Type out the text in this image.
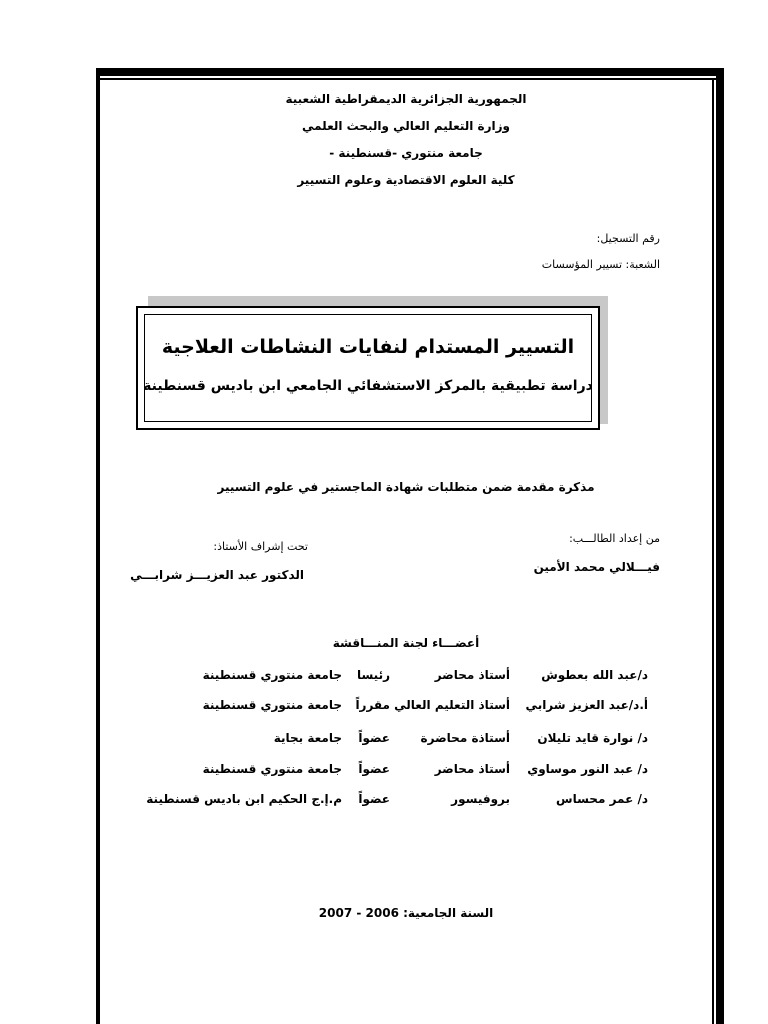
الجمهورية الجزائرية الديمقراطية الشعبية
وزارة التعليم العالي والبحث العلمي
جامعة منتوري -قسنطينة -
كلية العلوم الاقتصادية وعلوم التسيير
رقم التسجيل:
الشعبة: تسيير المؤسسات
التسيير المستدام لنفايات النشاطات العلاجية
دراسة تطبيقية بالمركز الاستشفائي الجامعي ابن باديس قسنطينة
مذكرة مقدمة ضمن متطلبات شهادة الماجستير في علوم التسيير
من إعداد الطالـــب:
فيـــلالي محمد الأمين
تحت إشراف الأستاذ:
الدكتور عبد العزيـــز شرابـــي
أعضـــاء لجنة المنـــاقشة
د/عبد الله بعطوش
أستاذ محاضر
رئيسا
جامعة منتوري قسنطينة
أ.د/عبد العزيز شرابي
أستاذ التعليم العالي
مقرراً
جامعة منتوري قسنطينة
د/ نوارة قايد تليلان
أستاذة محاضرة
عضواً
جامعة بجاية
د/ عبد النور موساوي
أستاذ محاضر
عضواً
جامعة منتوري قسنطينة
د/ عمر محساس
بروفيسور
عضواً
م.إ.ج الحكيم ابن باديس قسنطينة
السنة الجامعية: 2006 - 2007
